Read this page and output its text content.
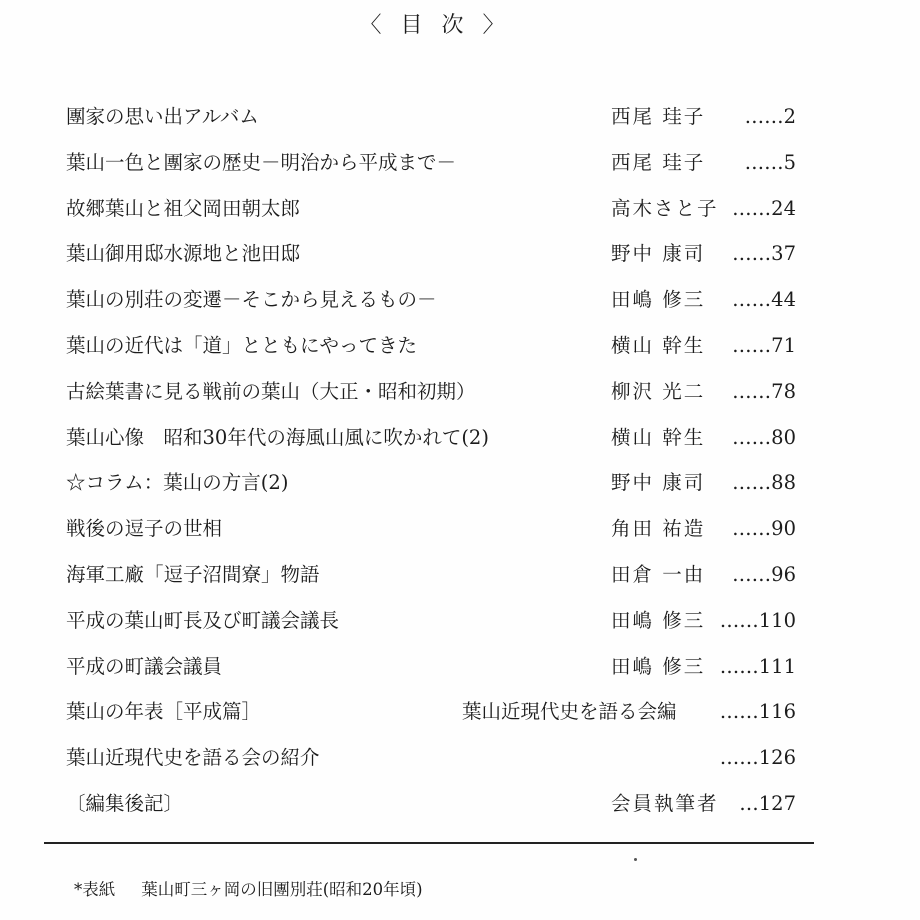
〈 目 次 〉
團家の思い出アルバム	西尾 珪子 ……2
葉山一色と團家の歴史－明治から平成まで－	西尾 珪子 ……5
故郷葉山と祖父岡田朝太郎	高木さと子 ……24
葉山御用邸水源地と池田邸	野中 康司 ……37
葉山の別荘の変遷－そこから見えるもの－	田嶋 修三 ……44
葉山の近代は「道」とともにやってきた	横山 幹生 ……71
古絵葉書に見る戦前の葉山（大正・昭和初期）	柳沢 光二 ……78
葉山心像　昭和30年代の海風山風に吹かれて(2)	横山 幹生 ……80
☆コラム：葉山の方言(2)	野中 康司 ……88
戦後の逗子の世相	角田 祐造 ……90
海軍工廠「逗子沼間寮」物語	田倉 一由 ……96
平成の葉山町長及び町議会議長	田嶋 修三 ……110
平成の町議会議員	田嶋 修三 ……111
葉山の年表［平成篇］	葉山近現代史を語る会編 ……116
葉山近現代史を語る会の紹介	……126
〔編集後記〕	会員執筆者 …127
*表紙 葉山町三ヶ岡の旧團別荘(昭和20年頃)
